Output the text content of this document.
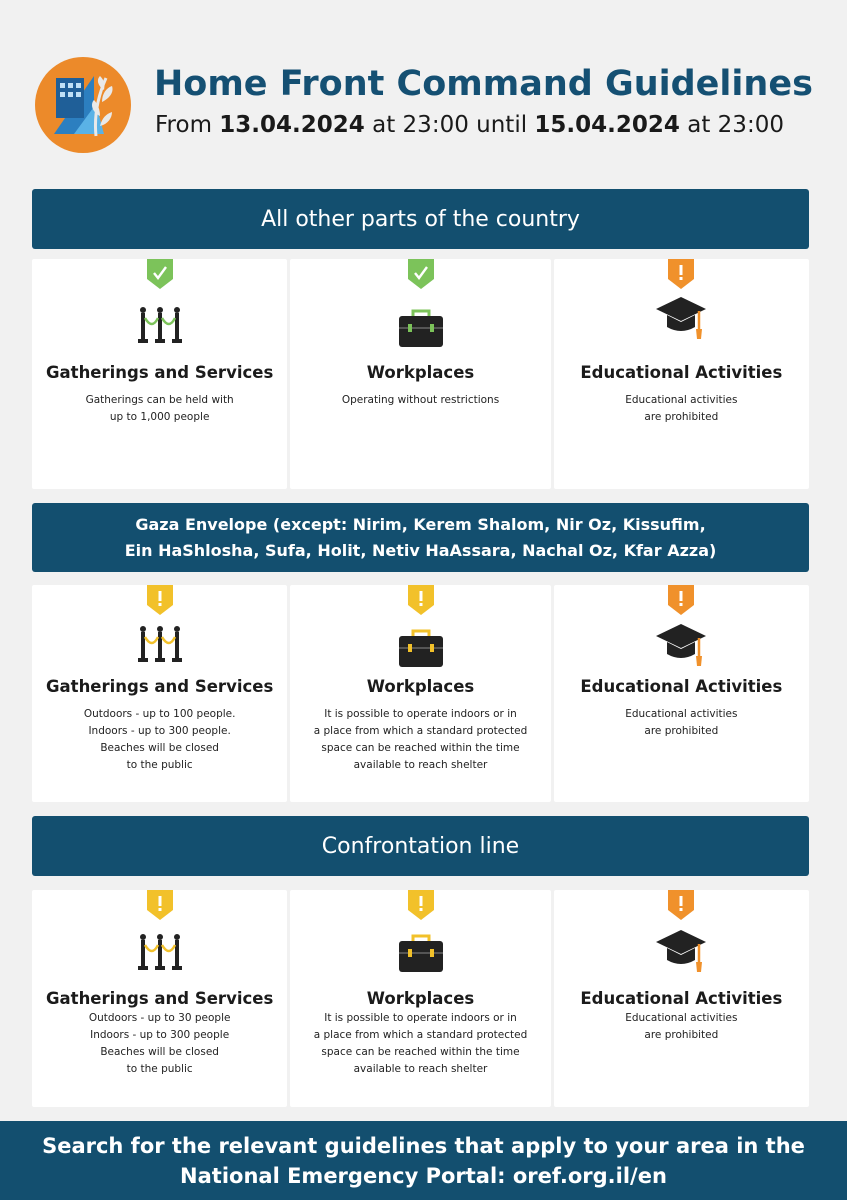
Home Front Command Guidelines
From 13.04.2024 at 23:00 until 15.04.2024 at 23:00
All other parts of the country
Gatherings and Services
Gatherings can be held with
up to 1,000 people
Workplaces
Operating without restrictions
Educational Activities
Educational activities
are prohibited
Gaza Envelope (except: Nirim, Kerem Shalom, Nir Oz, Kissufim,
Ein HaShlosha, Sufa, Holit, Netiv HaAssara, Nachal Oz, Kfar Azza)
Gatherings and Services
Outdoors - up to 100 people.
Indoors - up to 300 people.
Beaches will be closed
to the public
Workplaces
It is possible to operate indoors or in
a place from which a standard protected
space can be reached within the time
available to reach shelter
Educational Activities
Educational activities
are prohibited
Confrontation line
Gatherings and Services
Outdoors - up to 30 people
Indoors - up to 300 people
Beaches will be closed
to the public
Workplaces
It is possible to operate indoors or in
a place from which a standard protected
space can be reached within the time
available to reach shelter
Educational Activities
Educational activities
are prohibited
Search for the relevant guidelines that apply to your area in the
National Emergency Portal: oref.org.il/en
